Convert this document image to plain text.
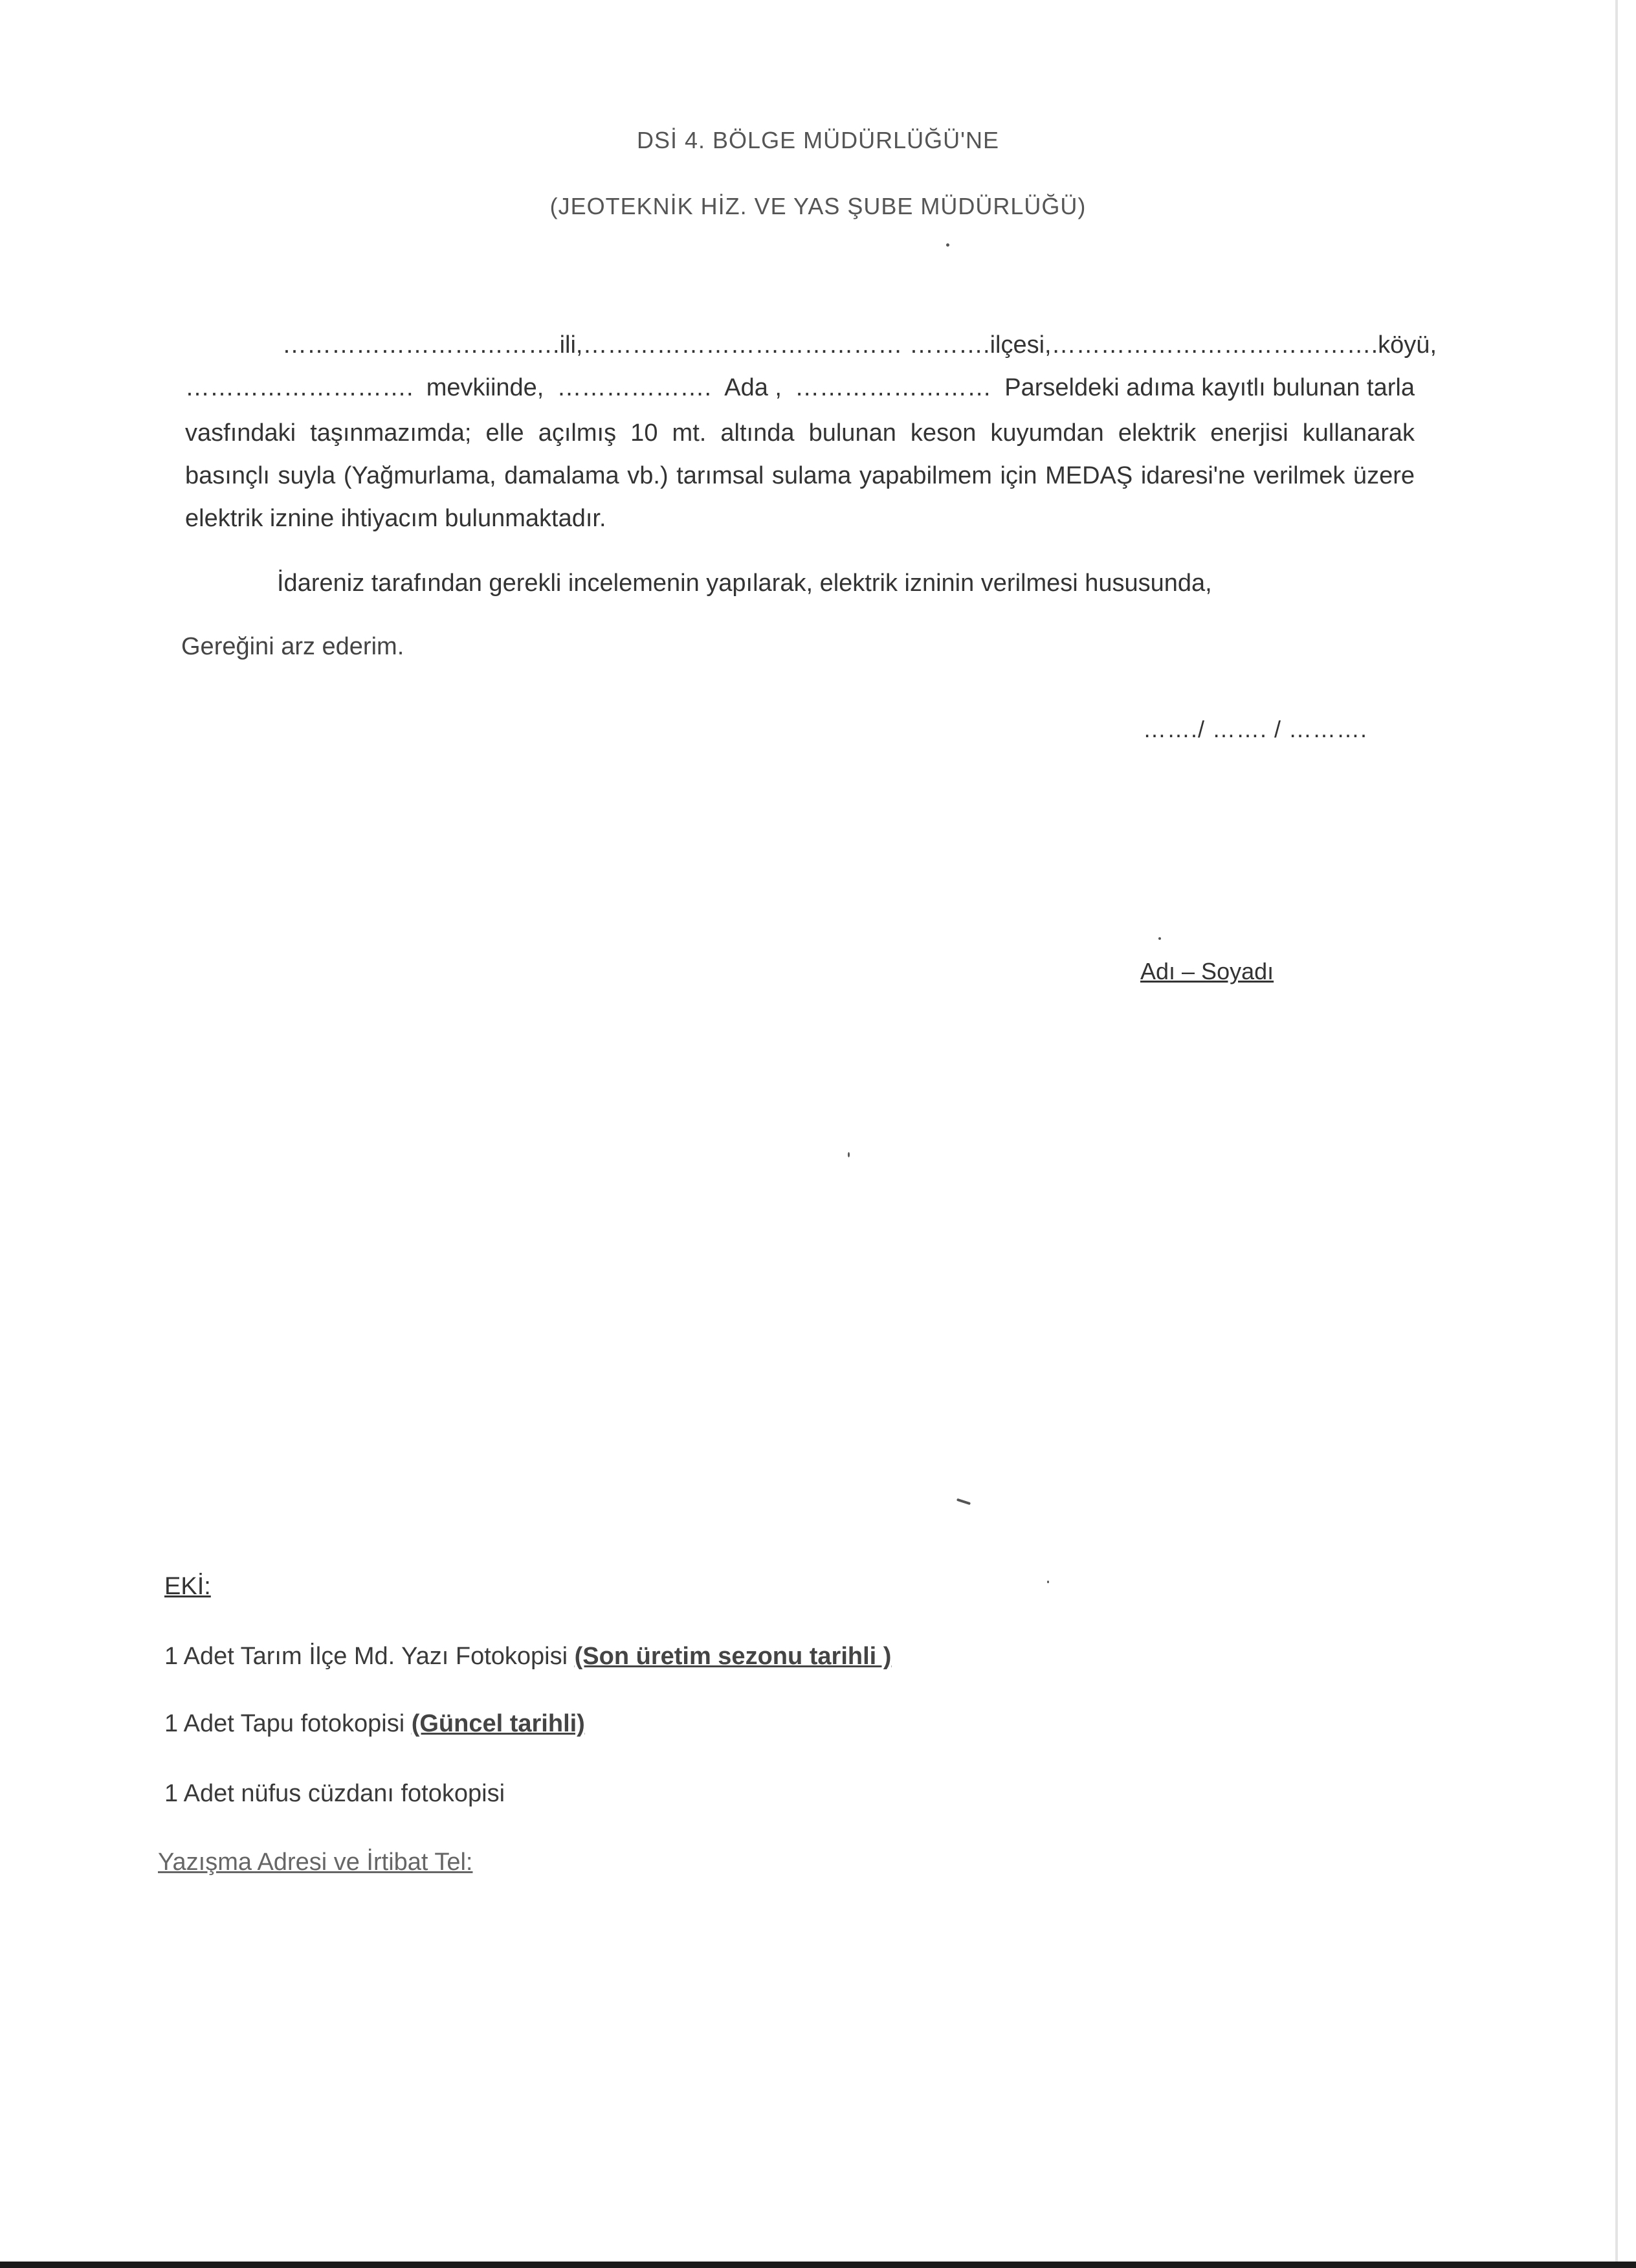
DSİ 4. BÖLGE MÜDÜRLÜĞÜ'NE
(JEOTEKNİK HİZ. VE YAS ŞUBE MÜDÜRLÜĞÜ)
……………………………. ili, ………………………………… ………. ilçesi, …………………………………. köyü,
………………………. mevkiinde, ………………. Ada , …………………… Parseldeki adıma kayıtlı bulunan tarla
vasfındaki taşınmazımda; elle açılmış 10 mt. altında bulunan keson kuyumdan elektrik enerjisi kullanarak basınçlı suyla (Yağmurlama, damalama vb.) tarımsal sulama yapabilmem için MEDAŞ idaresi'ne verilmek üzere elektrik iznine ihtiyacım bulunmaktadır.
İdareniz tarafından gerekli incelemenin yapılarak, elektrik izninin verilmesi hususunda,
Gereğini arz ederim.
……./ ……. / ……….
Adı – Soyadı
EKİ:
1 Adet Tarım İlçe Md. Yazı Fotokopisi (Son üretim sezonu tarihli )
1 Adet Tapu fotokopisi (Güncel tarihli)
1 Adet nüfus cüzdanı fotokopisi
Yazışma Adresi ve İrtibat Tel:
